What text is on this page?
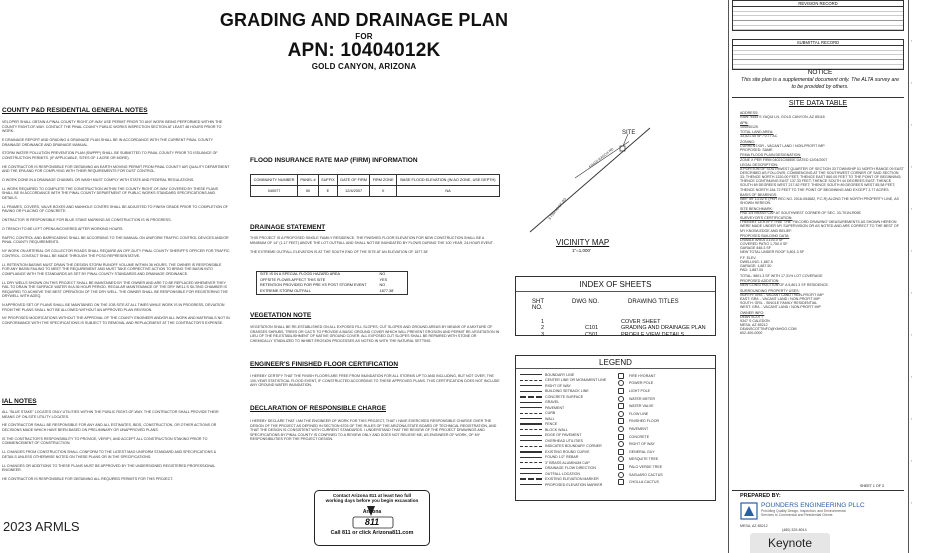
GRADING AND DRAINAGE PLAN
FOR
APN: 10404012K
GOLD CANYON, ARIZONA
COUNTY P&D RESIDENTIAL GENERAL NOTES

VELOPER SHALL OBTAIN A PINAL COUNTY RIGHT-OF-WAY USE PERMIT PRIOR TO ANY WORK BEING PERFORMED WITHIN THE COUNTY RIGHT-OF-WAY. CONTACT THE PINAL COUNTY PUBLIC WORKS INSPECTION SECTION AT LEAST 48 HOURS PRIOR TO WORK.

E DRAINAGE REPORT AND GRADING & DRAINAGE PLAN SHALL BE IN ACCORDANCE WITH THE CURRENT PINAL COUNTY DRAINAGE ORDINANCE AND DRAINAGE MANUAL.

STORM WATER POLLUTION PREVENTION PLAN (SWPPP) SHALL BE SUBMITTED TO PINAL COUNTY PRIOR TO ISSUANCE OF CONSTRUCTION PERMITS. (IF APPLICABLE, SITES OF 1 ACRE OR MORE).

HE CONTRACTOR IS RESPONSIBLE FOR OBTAINING AN EARTH MOVING PERMIT FROM PINAL COUNTY AIR QUALITY DEPARTMENT AND THE EPA AND FOR COMPLYING WITH THEIR REQUIREMENTS FOR DUST CONTROL.

O WORK DONE IN A DRAINAGE CHANNEL OR WASH MUST COMPLY WITH STATE AND FEDERAL REGULATIONS.

LL WORK REQUIRED TO COMPLETE THE CONSTRUCTION WITHIN THE COUNTY RIGHT-OF-WAY COVERED BY THESE PLANS SHALL BE IN ACCORDANCE WITH THE PINAL COUNTY DEPARTMENT OF PUBLIC WORKS STANDARD SPECIFICATIONS AND DETAILS.

LL FRAMES, COVERS, VALVE BOXES AND MANHOLE COVERS SHALL BE ADJUSTED TO FINISH GRADE PRIOR TO COMPLETION OF PAVING OR PLACING OF CONCRETE.

ONTRACTOR IS RESPONSIBLE FOR BLUE STAKE MARKING AS CONSTRUCTION IS IN PROGRESS.

O TRENCH TO BE LEFT OPEN/UNCOVERED AFTER WORKING HOURS.

RAFFIC CONTROL AND BARRICADING SHALL BE ACCORDING TO THE MANUAL ON UNIFORM TRAFFIC CONTROL DEVICES AND/OR PINAL COUNTY REQUIREMENTS.

NY WORK ON ARTERIAL OR COLLECTOR ROADS SHALL REQUIRE AN OFF-DUTY PINAL COUNTY SHERIFF'S OFFICER FOR TRAFFIC CONTROL. CONTACT SHALL BE MADE THROUGH THE PCSO REPRESENTATIVE.

LL RETENTION BASINS MUST DRAIN THE DESIGN STORM RUNOFF VOLUME WITHIN 36 HOURS. THE OWNER IS RESPONSIBLE FOR ANY BASIN FAILING TO MEET THE REQUIREMENT AND MUST TAKE CORRECTIVE ACTION TO BRING THE BASIN INTO COMPLIANCE WITH THE STANDARDS AS SET BY PINAL COUNTY STANDARDS AND DRAINAGE ORDINANCE.

LL DRY WELLS SHOWN ON THIS PROJECT SHALL BE MAINTAINED BY THE OWNER AND ARE TO BE REPLACED WHENEVER THEY FAIL TO DRAIN THE SURFACE WATER IN A 36 HOUR PERIOD. REGULAR MAINTENANCE OF THE DRY WELL'S SILTING CHAMBER IS REQUIRED TO ACHIEVE THE BEST OPERATION OF THE DRY WELL. THE OWNER SHALL BE RESPONSIBLE FOR REGISTERING THE DRYWELL WITH ADEQ.

N APPROVED SET OF PLANS SHALL BE MAINTAINED ON THE JOB SITE AT ALL TIMES WHILE WORK IS IN PROGRESS. DEVIATION FROM THE PLANS SHALL NOT BE ALLOWED WITHOUT AN APPROVED PLAN REVISION.

NY PROPOSED MODIFICATIONS WITHOUT THE APPROVAL OF THE COUNTY ENGINEER AND/OR ALL WORK AND MATERIALS NOT IN CONFORMANCE WITH THE SPECIFICATIONS IS SUBJECT TO REMOVAL AND REPLACEMENT AT THE CONTRACTOR'S EXPENSE.

IAL NOTES

ALL "BLUE STAKE" LOCATES ONLY UTILITIES WITHIN THE PUBLIC RIGHT-OF-WAY. THE CONTRACTOR SHALL PROVIDE THEIR MEANS OF ON-SITE UTILITY LOCATES.

HE CONTRACTOR SHALL BE RESPONSIBLE FOR ANY AND ALL ESTIMATES, BIDS, CONSTRUCTION, OR OTHER ACTIONS OR DECISIONS MADE WHICH HAVE BEEN BASED ON PRELIMINARY OR UNAPPROVED PLANS.

IS THE CONTRACTOR'S RESPONSIBILITY TO PROVIDE, VERIFY, AND ACCEPT ALL CONSTRUCTION STAKING PRIOR TO COMMENCEMENT OF CONSTRUCTION.

LL CHANGES FROM CONSTRUCTION SHALL CONFORM TO THE LATEST MAG UNIFORM STANDARD AND SPECIFICATIONS & DETAILS UNLESS OTHERWISE NOTED ON THESE PLANS OR IN THE SPECIFICATIONS.

LL CHANGES OR ADDITIONS TO THESE PLANS MUST BE APPROVED BY THE UNDERSIGNED REGISTERED PROFESSIONAL ENGINEER.

HE CONTRACTOR IS RESPONSIBLE FOR OBTAINING ALL REQUIRED PERMITS FOR THIS PROJECT.

FLOOD INSURANCE RATE MAP (FIRM) INFORMATION
COMMUNITY NUMBER	PANEL #	SUFFIX	DATE OF FIRM	FIRM ZONE	BASE FLOOD ELEVATION (IN AO ZONE, USE DEPTH)
040077	50	E	12/4/2007	X	NA
DRAINAGE STATEMENT
THIS PROJECT IS A PROPOSED SINGLE FAMILY RESIDENCE. THE FINISHED FLOOR ELEVATION FOR NEW CONSTRUCTION SHALL BE A MINIMUM OF 14" (1.17 FEET) ABOVE THE LOT OUTFALL AND SHALL NOT BE INUNDATED BY FLOWS DURING THE 100 YEAR, 24-HOUR EVENT.
THE EXTREME OUTFALL ELEVATION IS AT THE SOUTH END OF THE SITE AT AN ELEVATION OF 1877.38'
SITE IS IN A SPECIAL FLOOD HAZARD AREA	NO
OFFSITE FLOWS AFFECT THIS SITE	YES
RETENTION PROVIDED FOR PRE VS POST STORM EVENT	NO
EXTREME STORM OUTFALL	1877.38'
VEGETATION NOTE
VEGETATION SHALL BE RE-ESTABLISHED ON ALL EXPOSED FILL SLOPES, CUT SLOPES AND GROUND AREAS BY MEANS OF A MIXTURE OF GRASSES SHRUBS, TREES OR CACTI TO PROVIDE A BASIC GROUND COVER WHICH WILL PREVENT EROSION AND PERMIT RE-VEGETATION IN LIEU OF THE RE-ESTABLISHMENT OF NATIVE GROUND COVER. ALL EXPOSED CUT SLOPES SHALL BE REPAIRED WITH STONE OR CHEMICALLY STABILIZED TO INHIBIT EROSION PROCESSES AS NOTED IN WITH THE NATURAL SETTING.
ENGINEER'S FINISHED FLOOR CERTIFICATION
I HEREBY CERTIFY THAT THE FINISH FLOORS ARE FREE FROM INUNDATION FOR ALL STORMS UP TO AND INCLUDING, BUT NOT OVER, THE 100-YEAR STATISTICAL FLOOD EVENT, IF CONSTRUCTED ACCORDING TO THESE APPROVED PLANS. THIS CERTIFICATION DOES NOT INCLUDE ANY GROUND WATER INUNDATION.
DECLARATION OF RESPONSIBLE CHARGE
I HEREBY DECLARE THAT I AM THE ENGINEER OF WORK FOR THIS PROJECT, THAT I HAVE EXERCISED RESPONSIBLE CHARGE OVER THE DESIGN OF THE PROJECT AS DEFINED IN SECTION 6703 OF THE RULES OF THE ARIZONA STATE BOARD OF TECHNICAL REGISTRATION, AND THAT THE DESIGN IS CONSISTENT WITH CURRENT STANDARDS. I UNDERSTAND THAT THE REVIEW OF THE PROJECT DRAWINGS AND SPECIFICATIONS BY PINAL COUNTY IS CONFINED TO A REVIEW ONLY AND DOES NOT RELIEVE ME, AS ENGINEER OF WORK, OF MY RESPONSIBILITIES FOR THE PROJECT DESIGN.
Contact Arizona 811 at least two full
working days before you begin excavation
Arizona
811
Call 811 or click Arizona811.com
SITE
KINGS RANCH RD
S PARADISE RD
VICINITY MAP
1"=1,000'
INDEX OF SHEETS
SHT NO.
DWG NO.	DRAWING TITLES
1		COVER SHEET
2	C101	GRADING AND DRAINAGE PLAN
3	C501	PROFILE VIEW DETAILS
LEGEND
BOUNDARY LINE
CENTER LINE OR MONUMENT LINE
RIGHT OF WAY
BUILDING SETBACK LINE
CONCRETE SURFACE
GRAVEL
PAVEMENT
CURB
WALL
FENCE
BLOCK WALL
EDGE OF PAVEMENT
OVERHEAD UTILITIES
INDICATES BOUNDARY CORNER
EXISTING ROUND CURVE
FOUND 1/2" REBAR
3" BRASS ALUMINUM CAP
DRAINAGE FLOW DIRECTION
OUTFALL LOCATION
EXISTING ELEVATION MARKER
PROPOSED ELEVATION MARKER
FIRE HYDRANT
POWER POLE
LIGHT POLE
WATER METER
WATER VALVE
FLOW LINE
FINISHED FLOOR
PAVEMENT
CONCRETE
RIGHT OF WAY
GENERAL GUY
MESQUITE TREE
PALO VERDE TREE
SAGUARO CACTUS
CHOLLA CACTUS
REVISION RECORD
SUBMITTAL RECORD
NOTICE
This site plan is a supplemental document only. The ALTA survey are to be provided by others.
SITE DATA TABLE
ADDRESS:
RAW: 9455 S YAQUI LN, GOLD CANYON, AZ 85118

APN:
10404012K

TOTAL LAND AREA:
33,521.45 SF / 0.77 AC

ZONING:
CURRENT/GR - VACANT LAND / NON-PROFIT IMP
PROPOSED: SAME

FEMA FLOOD PLAIN DESIGNATION:
ZONE X PER FIRM 04021C0850E DATED 12/04/2007

LEGAL DESCRIPTION:
A PORTION OF SOUTHWEST QUARTER OF SECTION 33 TOWNSHIP 01 NORTH RANGE 09 EAST DESCRIBED AS FOLLOWS: COMMENCING AT THE SOUTHWEST CORNER OF SAID SECTION 33; THENCE NORTH 1320.00 FEET; THENCE EAST 660.00 FEET TO THE POINT OF BEGINNING; THENCE CONTINUING EAST 137.33 FEET; THENCE SOUTH 44 DEGREES EAST; THENCE SOUTH 89 DEGREES WEST 217.82 FEET; THENCE SOUTH 89 DEGREES WEST 85.58 FEET; THENCE NORTH 184.72 FEET TO THE POINT OF BEGINNING AND EXCEPT 3.77 ACRES.

BASIS OF BEARINGS:
N89° 59' 13.02"E (PER REC NO. 2016-054682, P.C.R) ALONG THE NORTH PROPERTY LINE, AS SHOWN HEREON.

SITE BENCHMARK:
FND 3/4 BRASS CAP AT SOUTHWEST CORNER OF SEC. 33-T01N-R09E

SURVEYOR'S CERTIFICATION:
I HEREBY CERTIFY THAT THE "RECORD DRAWING" MEASUREMENTS AS SHOWN HEREON WERE MADE UNDER MY SUPERVISION OR AS NOTED AND ARE CORRECT TO THE BEST OF MY KNOWLEDGE AND BELIEF.

PROPOSED BUILDING DATA:
LIVABLE AREA 3,103.0 SF
COVERED PATIO 1,750.0 SF
GARAGE 848.3 SF
NEW TOTAL UNDER ROOF 5,801.3 SF

F.F. ELEV.
DWELLING: 1,887.5
GARAGE: 1,887.50
PAD: 1,887.00

TOTAL: 5801.3 SF WITH 17.31% LOT COVERAGE

PROPOSED ADDITION:
NEW CONSTRUCTION OF A 5,801.3 SF RESIDENCE.

SURROUNDING PROPERTY USES:
NORTH: GR/L - VACANT LAND / NON-PROFIT IMP
EAST: GR/L - VACANT LAND / NON-PROFIT IMP
SOUTH: GR/L - SINGLE FAMILY RESIDENTIAL
WEST: GR/L - VACANT LAND / NON-PROFIT IMP

OWNER INFO:
DEAN SCOTT
9347 S CALEDON
MESA, AZ 85212
DEANSCOTTINFO@YAHOO.COM
602-400-0000
PREPARED BY:
POUNDERS ENGINEERING PLLC
Providing Quality Design, Inspection, and Environmental
Services to Commercial and Residential Clients
MESA, AZ 85212
(480) 329-8014
SHEET 1 OF 3
›
›
›
›
›
›
›
›
›
›
›
›
2023 ARMLS
Keynote
